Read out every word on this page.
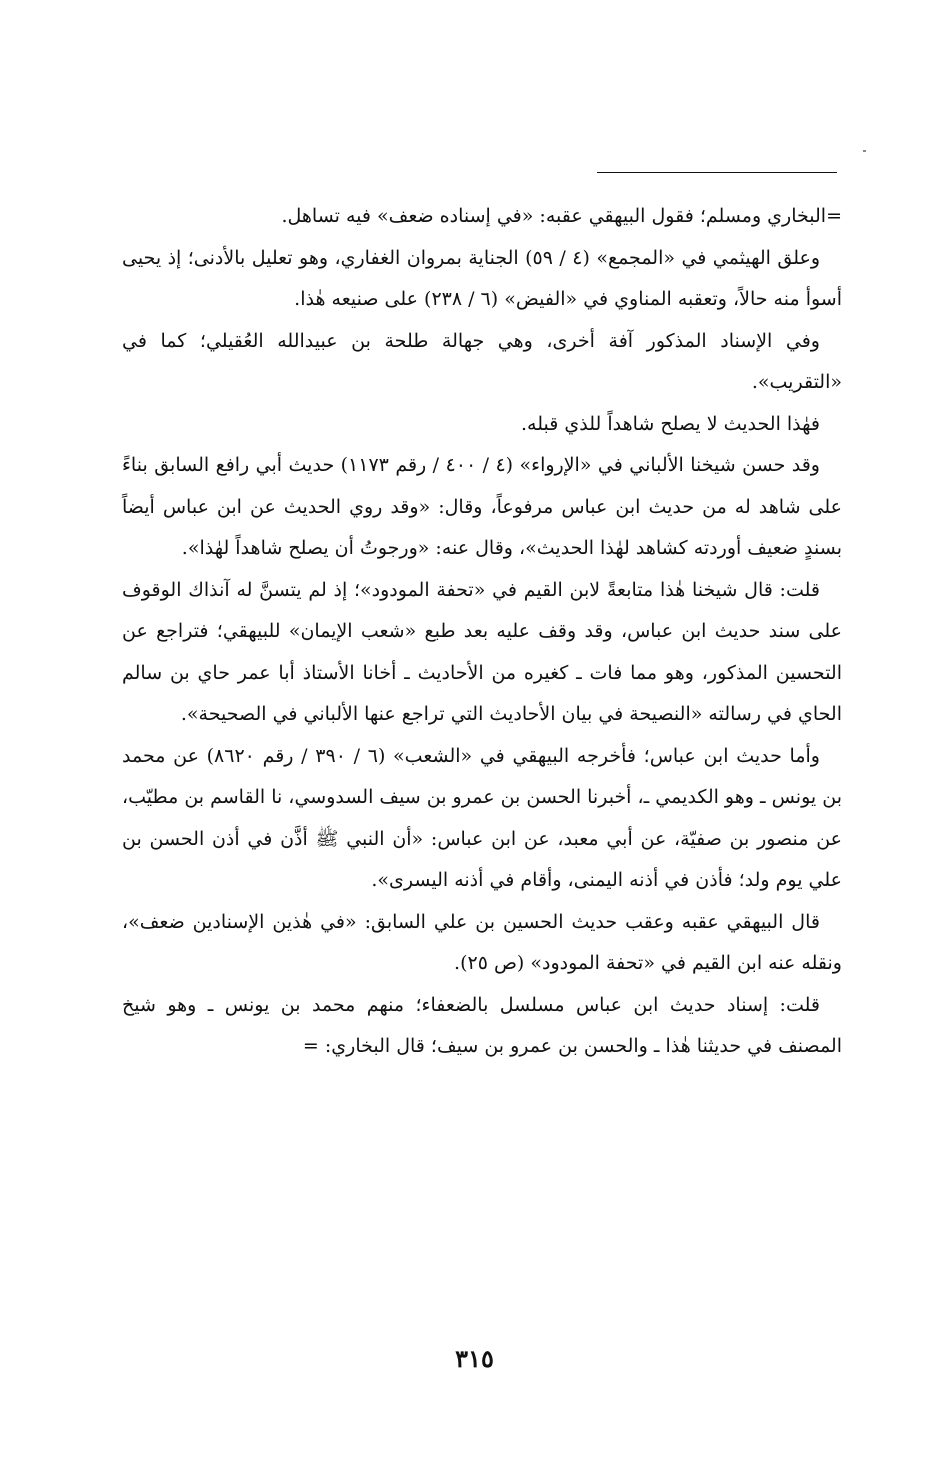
=البخاري ومسلم؛ فقول البيهقي عقبه: «في إسناده ضعف» فيه تساهل.

وعلق الهيثمي في «المجمع» (٤ / ٥٩) الجناية بمروان الغفاري، وهو تعليل بالأدنى؛ إذ يحيى أسوأ منه حالاً، وتعقبه المناوي في «الفيض» (٦ / ٢٣٨) على صنيعه هٰذا.

وفي الإسناد المذكور آفة أخرى، وهي جهالة طلحة بن عبيدالله العُقيلي؛ كما في «التقريب».

فهٰذا الحديث لا يصلح شاهداً للذي قبله.

وقد حسن شيخنا الألباني في «الإرواء» (٤ / ٤٠٠ / رقم ١١٧٣) حديث أبي رافع السابق بناءً على شاهد له من حديث ابن عباس مرفوعاً، وقال: «وقد روي الحديث عن ابن عباس أيضاً بسندٍ ضعيف أوردته كشاهد لهٰذا الحديث»، وقال عنه: «ورجوتُ أن يصلح شاهداً لهٰذا».

قلت: قال شيخنا هٰذا متابعةً لابن القيم في «تحفة المودود»؛ إذ لم يتسنَّ له آنذاك الوقوف على سند حديث ابن عباس، وقد وقف عليه بعد طبع «شعب الإيمان» للبيهقي؛ فتراجع عن التحسين المذكور، وهو مما فات ـ كغيره من الأحاديث ـ أخانا الأستاذ أبا عمر حاي بن سالم الحاي في رسالته «النصيحة في بيان الأحاديث التي تراجع عنها الألباني في الصحيحة».

وأما حديث ابن عباس؛ فأخرجه البيهقي في «الشعب» (٦ / ٣٩٠ / رقم ٨٦٢٠) عن محمد بن يونس ـ وهو الكديمي ـ، أخبرنا الحسن بن عمرو بن سيف السدوسي، نا القاسم بن مطيّب، عن منصور بن صفيّة، عن أبي معبد، عن ابن عباس: «أن النبي ﷺ أذَّن في أذن الحسن بن علي يوم ولد؛ فأذن في أذنه اليمنى، وأقام في أذنه اليسرى».

قال البيهقي عقبه وعقب حديث الحسين بن علي السابق: «في هٰذين الإسنادين ضعف»، ونقله عنه ابن القيم في «تحفة المودود» (ص ٢٥).

قلت: إسناد حديث ابن عباس مسلسل بالضعفاء؛ منهم محمد بن يونس ـ وهو شيخ المصنف في حديثنا هٰذا ـ والحسن بن عمرو بن سيف؛ قال البخاري: =

٣١٥
